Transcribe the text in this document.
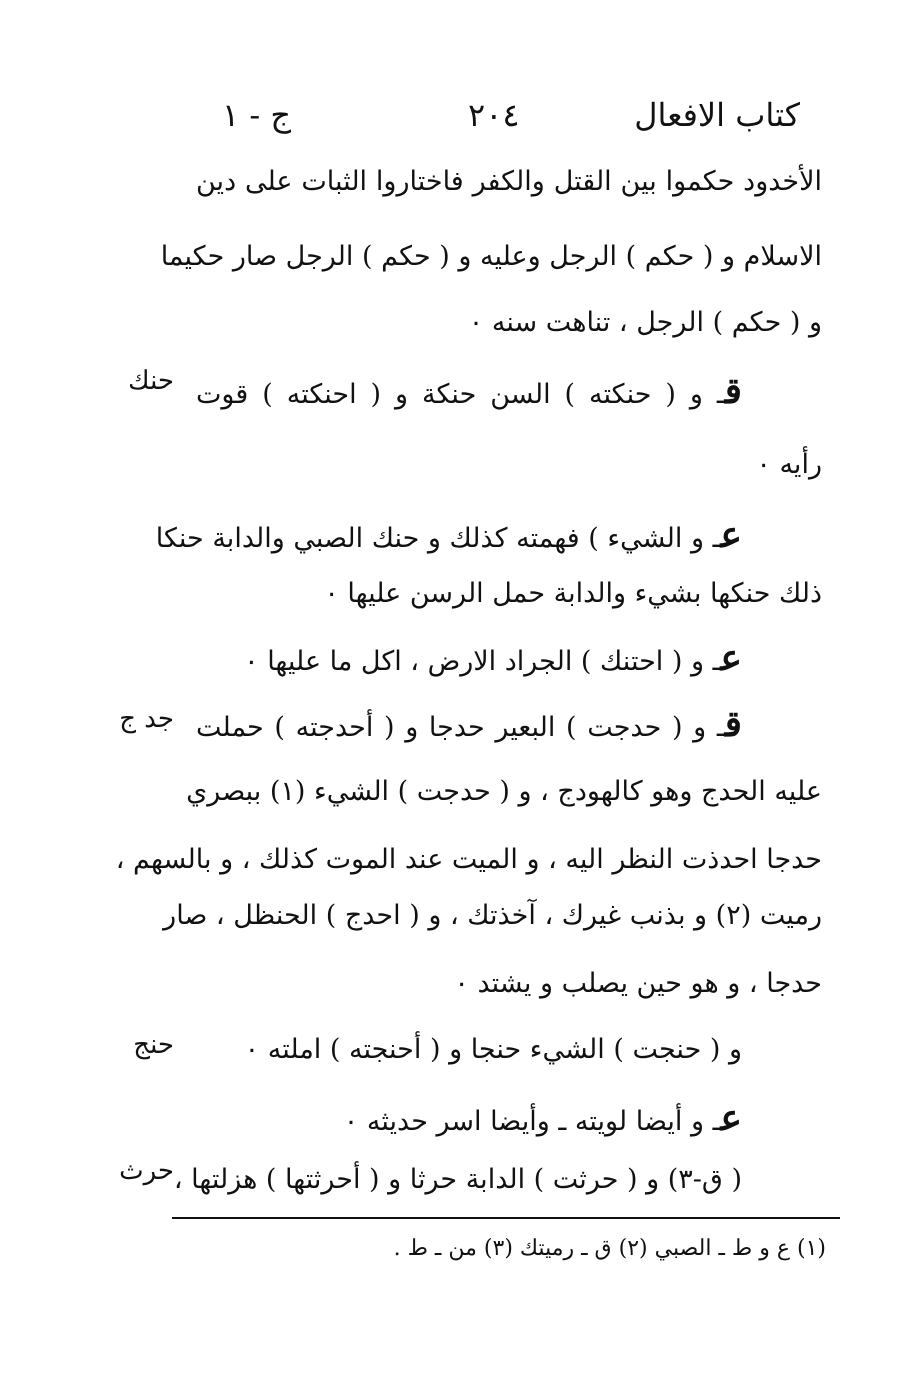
كتاب الافعال
٢٠٤
ج - ١
الأخدود حكموا بين القتل والكفر فاختاروا الثبات على دين
الاسلام و ( حكم ) الرجل وعليه و ( حكم ) الرجل صار حكيما
و ( حكم ) الرجل ، تناهت سنه ٠
قـ و ( حنكته ) السن حنكة و ( احنكته ) قوت
رأيه ٠
عـ و الشيء ) فهمته كذلك و حنك الصبي والدابة حنكا
ذلك حنكها بشيء والدابة حمل الرسن عليها ٠
عـ و ( احتنك ) الجراد الارض ، اكل ما عليها ٠
قـ و ( حدجت ) البعير حدجا و ( أحدجته ) حملت
عليه الحدج وهو كالهودج ، و ( حدجت ) الشيء (١) ببصري
حدجا احدذت النظر اليه ، و الميت عند الموت كذلك ، و بالسهم ،
رميت (٢) و بذنب غيرك ، آخذتك ، و ( احدج ) الحنظل ، صار
حدجا ، و هو حين يصلب و يشتد ٠
و ( حنجت ) الشيء حنجا و ( أحنجته ) املته ٠
عـ و أيضا لويته ـ وأيضا اسر حديثه ٠
( ق-٣) و ( حرثت ) الدابة حرثا و ( أحرثتها ) هزلتها ،
حنك
جد ج
حنج
حرث
(١) ع و ط ـ الصبي (٢) ق ـ رميتك (٣) من ـ ط .
